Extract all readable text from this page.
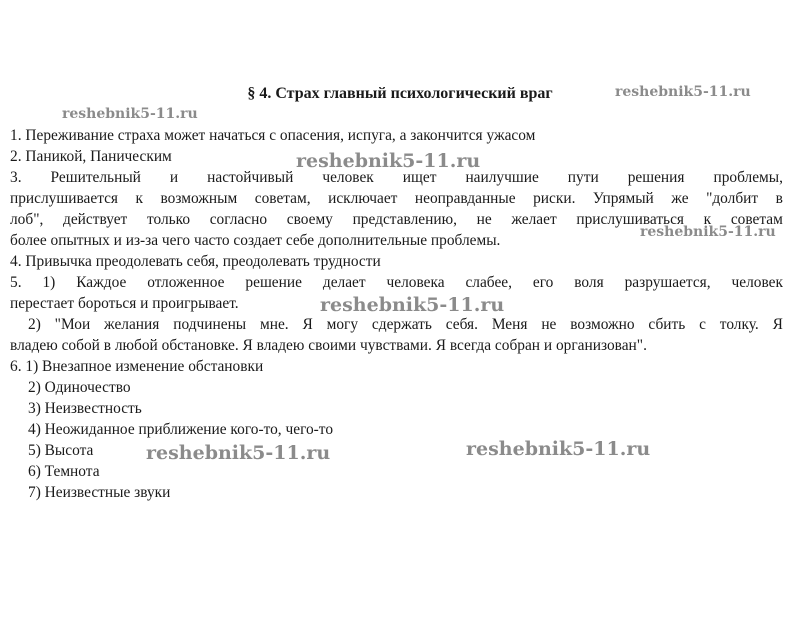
§ 4. Страх главный психологический враг
1. Переживание страха может начаться с опасения, испуга, а закончится ужасом
2. Паникой, Паническим
3. Решительный и настойчивый человек ищет наилучшие пути решения проблемы,
прислушивается к возможным советам, исключает неоправданные риски. Упрямый же "долбит в
лоб", действует только согласно своему представлению, не желает прислушиваться к советам
более опытных и из-за чего часто создает себе дополнительные проблемы.
4. Привычка преодолевать себя, преодолевать трудности
5. 1) Каждое отложенное решение делает человека слабее, его воля разрушается, человек
перестает бороться и проигрывает.
2) "Мои желания подчинены мне. Я могу сдержать себя. Меня не возможно сбить с толку. Я
владею собой в любой обстановке. Я владею своими чувствами. Я всегда собран и организован".
6. 1) Внезапное изменение обстановки
2) Одиночество
3) Неизвестность
4) Неожиданное приближение кого-то, чего-то
5) Высота
6) Темнота
7) Неизвестные звуки
reshebnik5-11.ru
reshebnik5-11.ru
reshebnik5-11.ru
reshebnik5-11.ru
reshebnik5-11.ru
reshebnik5-11.ru	reshebnik5-11.ru
